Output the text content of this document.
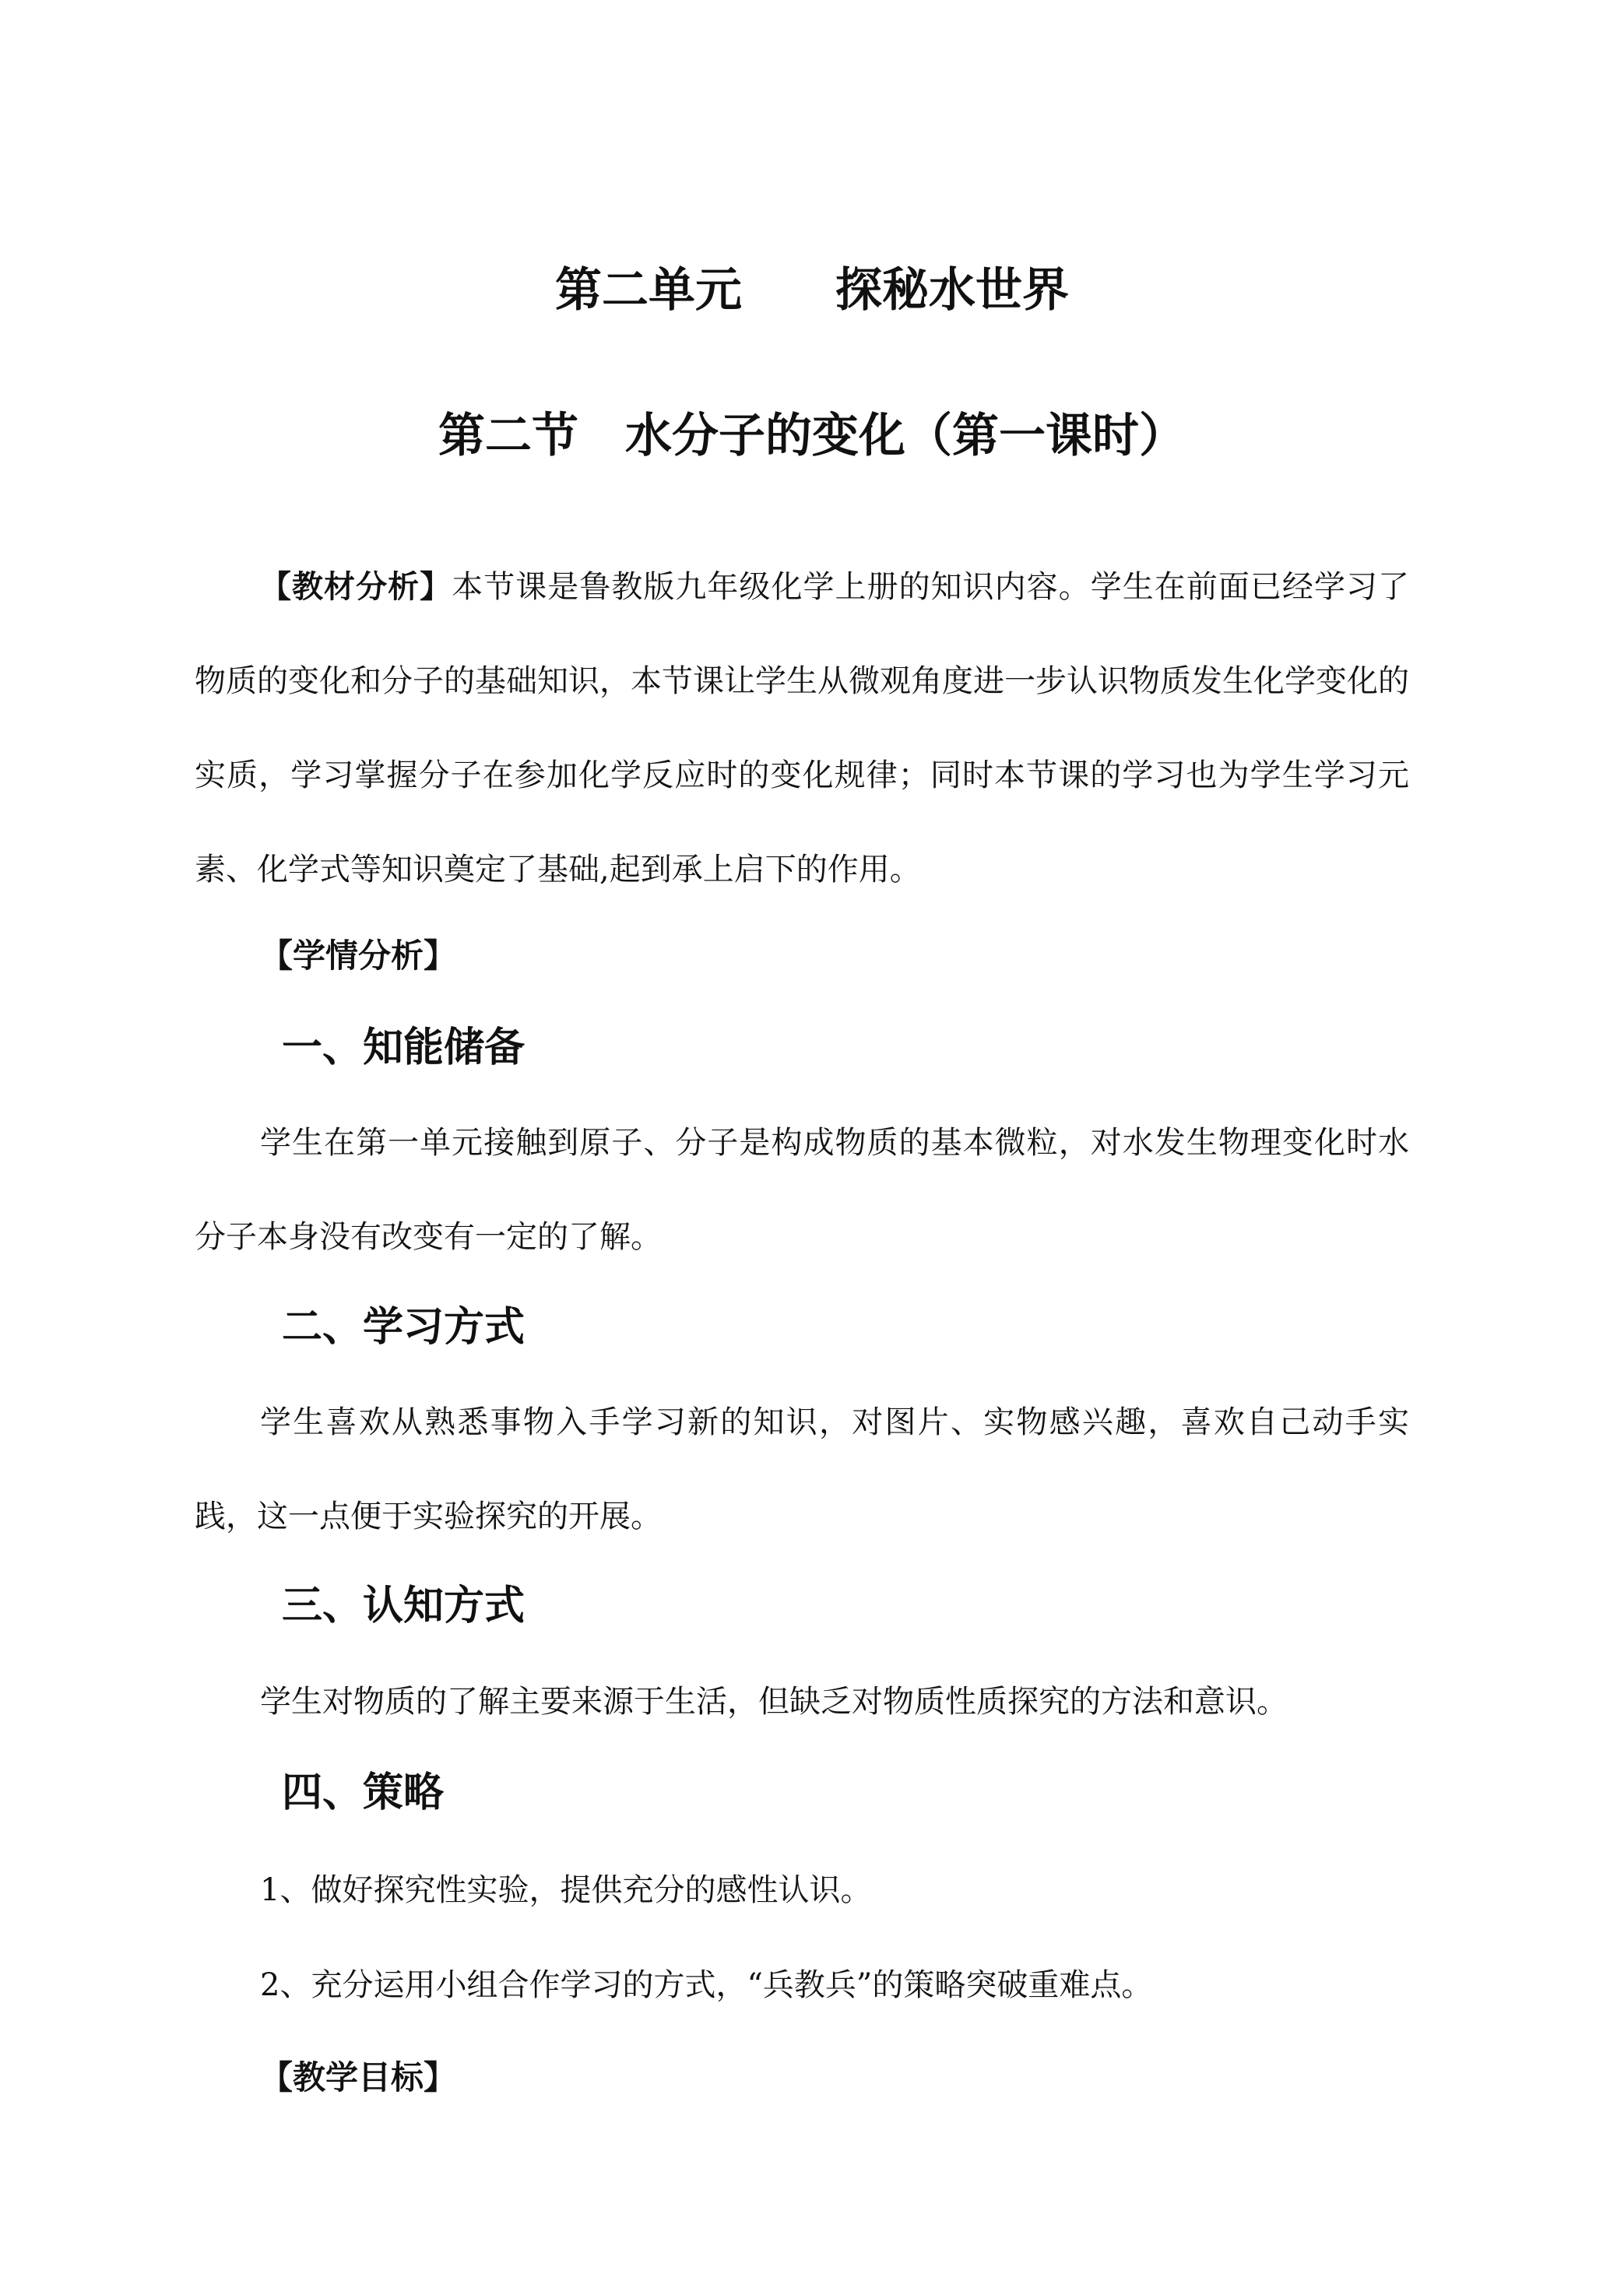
第二单元　　探秘水世界
第二节　水分子的变化（第一课时）

【教材分析】本节课是鲁教版九年级化学上册的知识内容。学生在前面已经学习了物质的变化和分子的基础知识，本节课让学生从微观角度进一步认识物质发生化学变化的实质，学习掌握分子在参加化学反应时的变化规律；同时本节课的学习也为学生学习元素、化学式等知识奠定了基础,起到承上启下的作用。

【学情分析】

一、知能储备

学生在第一单元接触到原子、分子是构成物质的基本微粒，对水发生物理变化时水分子本身没有改变有一定的了解。

二、学习方式

学生喜欢从熟悉事物入手学习新的知识，对图片、实物感兴趣，喜欢自己动手实践，这一点便于实验探究的开展。

三、认知方式

学生对物质的了解主要来源于生活，但缺乏对物质性质探究的方法和意识。

四、策略

1、做好探究性实验，提供充分的感性认识。

2、充分运用小组合作学习的方式，“兵教兵”的策略突破重难点。

【教学目标】
